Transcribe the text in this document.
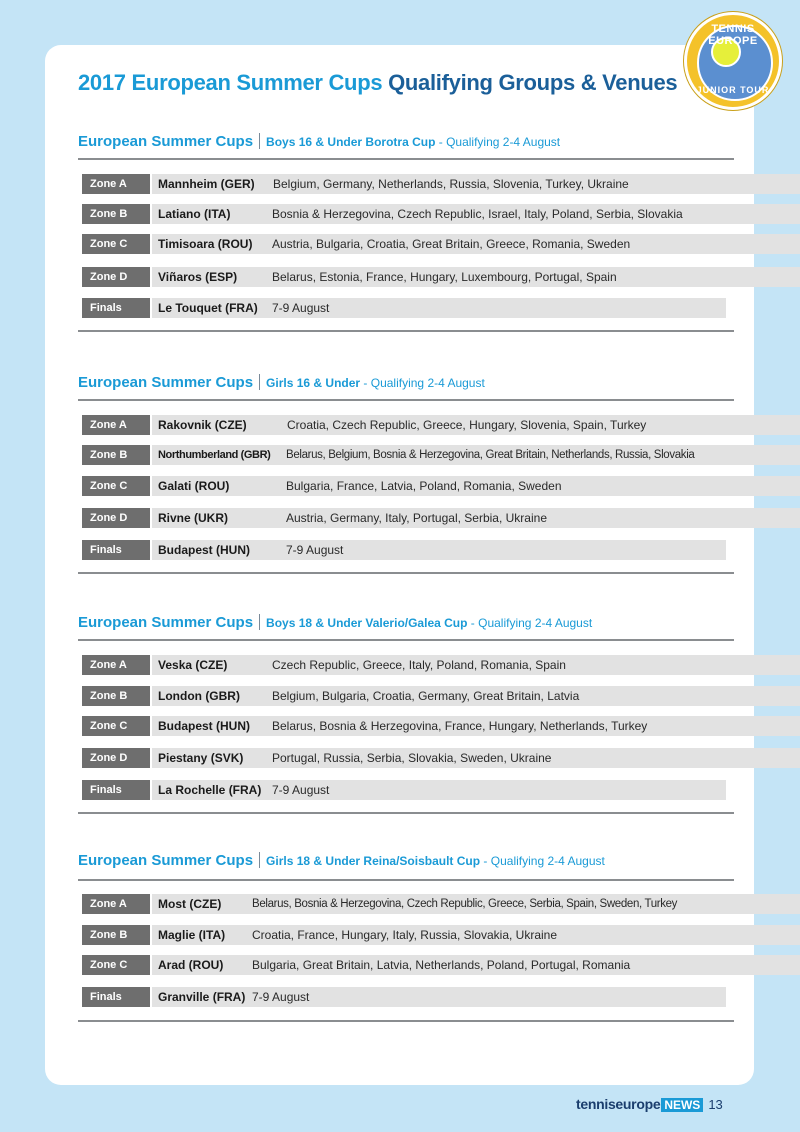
2017 European Summer Cups Qualifying Groups & Venues
TENNIS EUROPE
JUNIOR TOUR
European Summer Cups Boys 16 & Under Borotra Cup - Qualifying 2-4 August
Zone A	Mannheim (GER) Belgium, Germany, Netherlands, Russia, Slovenia, Turkey, Ukraine
Zone B	Latiano (ITA)	Bosnia & Herzegovina, Czech Republic, Israel, Italy, Poland, Serbia, Slovakia
Zone C	Timisoara (ROU) Austria, Bulgaria, Croatia, Great Britain, Greece, Romania, Sweden
Zone D	Viñaros (ESP)	Belarus, Estonia, France, Hungary, Luxembourg, Portugal, Spain
Finals	Le Touquet (FRA) 7-9 August
European Summer Cups Girls 16 & Under - Qualifying 2-4 August
Zone A	Rakovnik (CZE)	Croatia, Czech Republic, Greece, Hungary, Slovenia, Spain, Turkey
Zone B	Northumberland (GBR) Belarus, Belgium, Bosnia & Herzegovina, Great Britain, Netherlands, Russia, Slovakia
Zone C	Galati (ROU)	Bulgaria, France, Latvia, Poland, Romania, Sweden
Zone D	Rivne (UKR)	Austria, Germany, Italy, Portugal, Serbia, Ukraine
Finals	Budapest (HUN)	7-9 August
European Summer Cups Boys 18 & Under Valerio/Galea Cup - Qualifying 2-4 August
Zone A	Veska (CZE)	Czech Republic, Greece, Italy, Poland, Romania, Spain
Zone B	London (GBR)	Belgium, Bulgaria, Croatia, Germany, Great Britain, Latvia
Zone C	Budapest (HUN) Belarus, Bosnia & Herzegovina, France, Hungary, Netherlands, Turkey
Zone D	Piestany (SVK) Portugal, Russia, Serbia, Slovakia, Sweden, Ukraine
Finals	La Rochelle (FRA) 7-9 August
European Summer Cups Girls 18 & Under Reina/Soisbault Cup - Qualifying 2-4 August
Zone A	Most (CZE)	Belarus, Bosnia & Herzegovina, Czech Republic, Greece, Serbia, Spain, Sweden, Turkey
Zone B	Maglie (ITA) Croatia, France, Hungary, Italy, Russia, Slovakia, Ukraine
Zone C	Arad (ROU) Bulgaria, Great Britain, Latvia, Netherlands, Poland, Portugal, Romania
Finals	Granville (FRA) 7-9 August
tenniseurope NEWS 13
